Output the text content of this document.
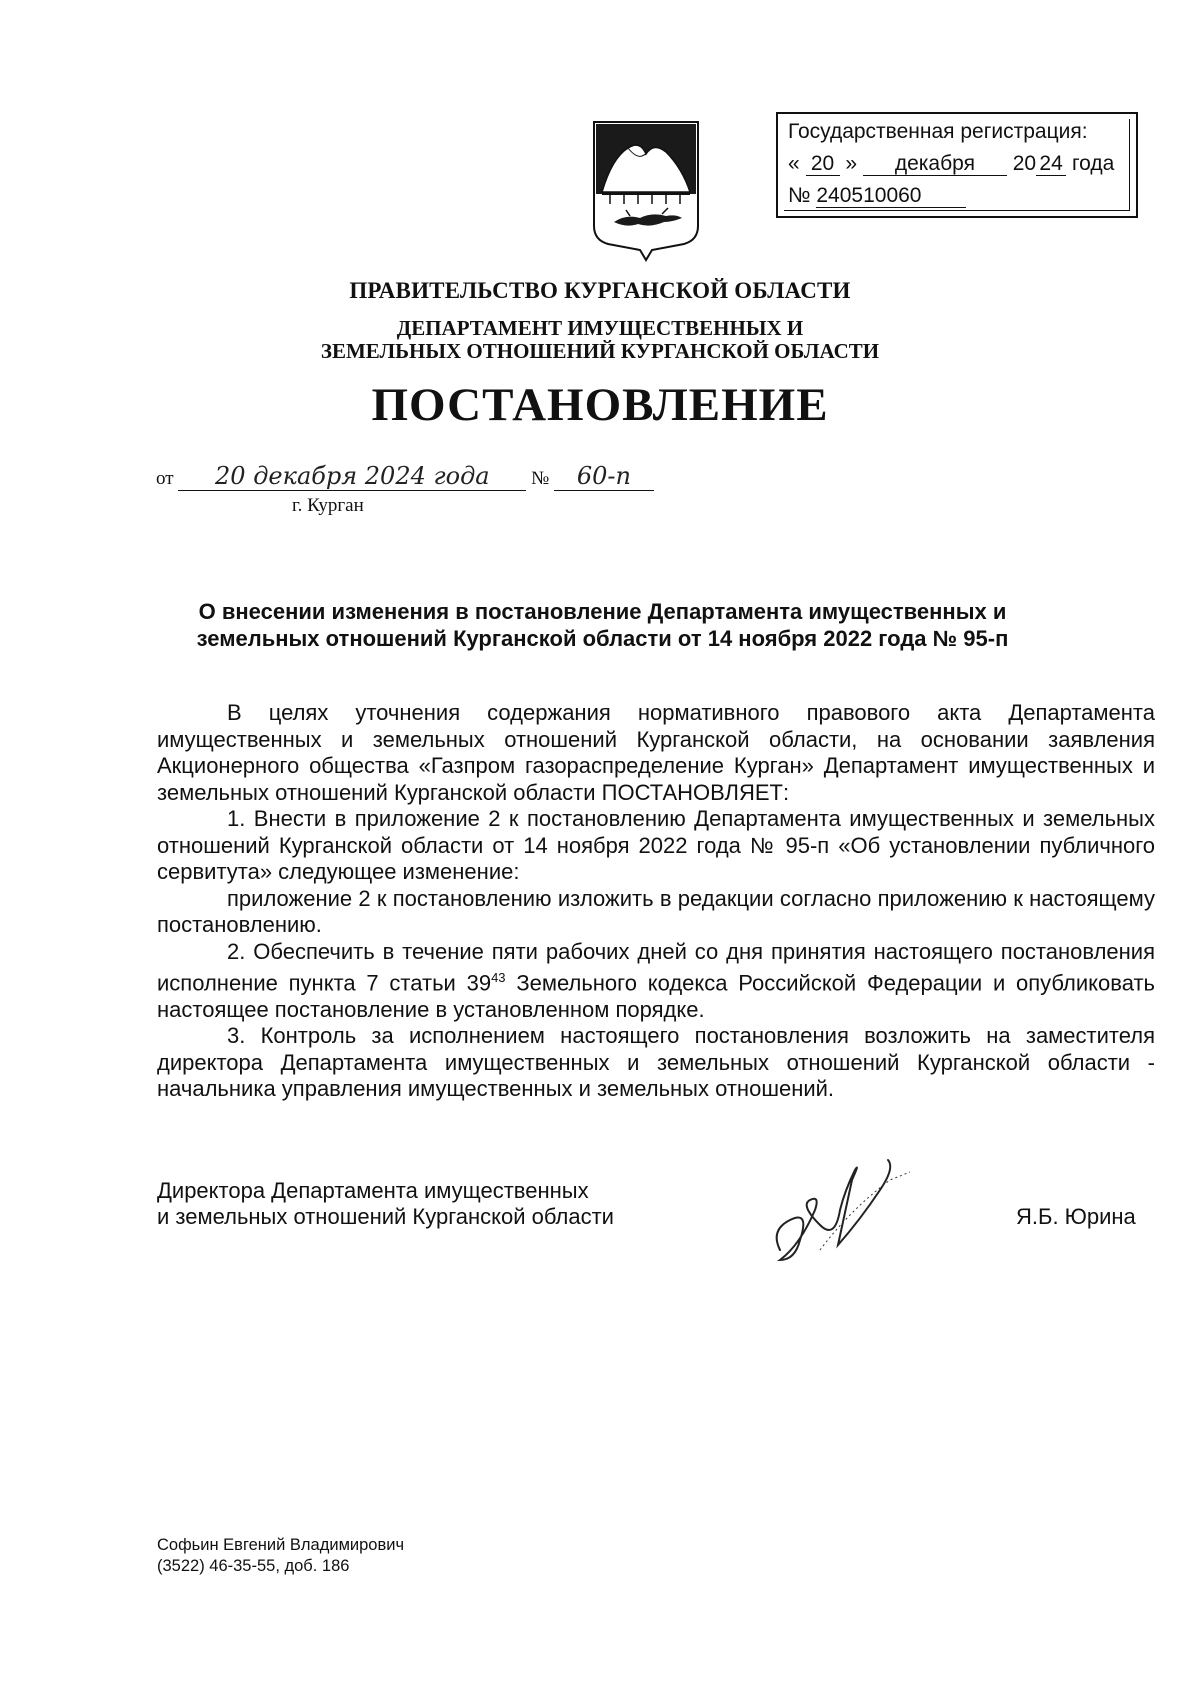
Государственная регистрация:
« 20 » декабря 20 24 года
№ 240510060
ПРАВИТЕЛЬСТВО КУРГАНСКОЙ ОБЛАСТИ
ДЕПАРТАМЕНТ ИМУЩЕСТВЕННЫХ И
ЗЕМЕЛЬНЫХ ОТНОШЕНИЙ КУРГАНСКОЙ ОБЛАСТИ
ПОСТАНОВЛЕНИЕ
от 20 декабря 2024 года № 60-п
г. Курган
О внесении изменения в постановление Департамента имущественных и
земельных отношений Курганской области от 14 ноября 2022 года № 95-п

В целях уточнения содержания нормативного правового акта Департамента имущественных и земельных отношений Курганской области, на основании заявления Акционерного общества «Газпром газораспределение Курган» Департамент имущественных и земельных отношений Курганской области ПОСТАНОВЛЯЕТ:

1. Внести в приложение 2 к постановлению Департамента имущественных и земельных отношений Курганской области от 14 ноября 2022 года № 95-п «Об установлении публичного сервитута» следующее изменение:

приложение 2 к постановлению изложить в редакции согласно приложению к настоящему постановлению.

2. Обеспечить в течение пяти рабочих дней со дня принятия настоящего постановления исполнение пункта 7 статьи $39^{43}$ Земельного кодекса Российской Федерации и опубликовать настоящее постановление в установленном порядке.

3. Контроль за исполнением настоящего постановления возложить на заместителя директора Департамента имущественных и земельных отношений Курганской области - начальника управления имущественных и земельных отношений.

Директора Департамента имущественных
и земельных отношений Курганской области	Я.Б. Юрина
Софьин Евгений Владимирович
(3522) 46-35-55, доб. 186
